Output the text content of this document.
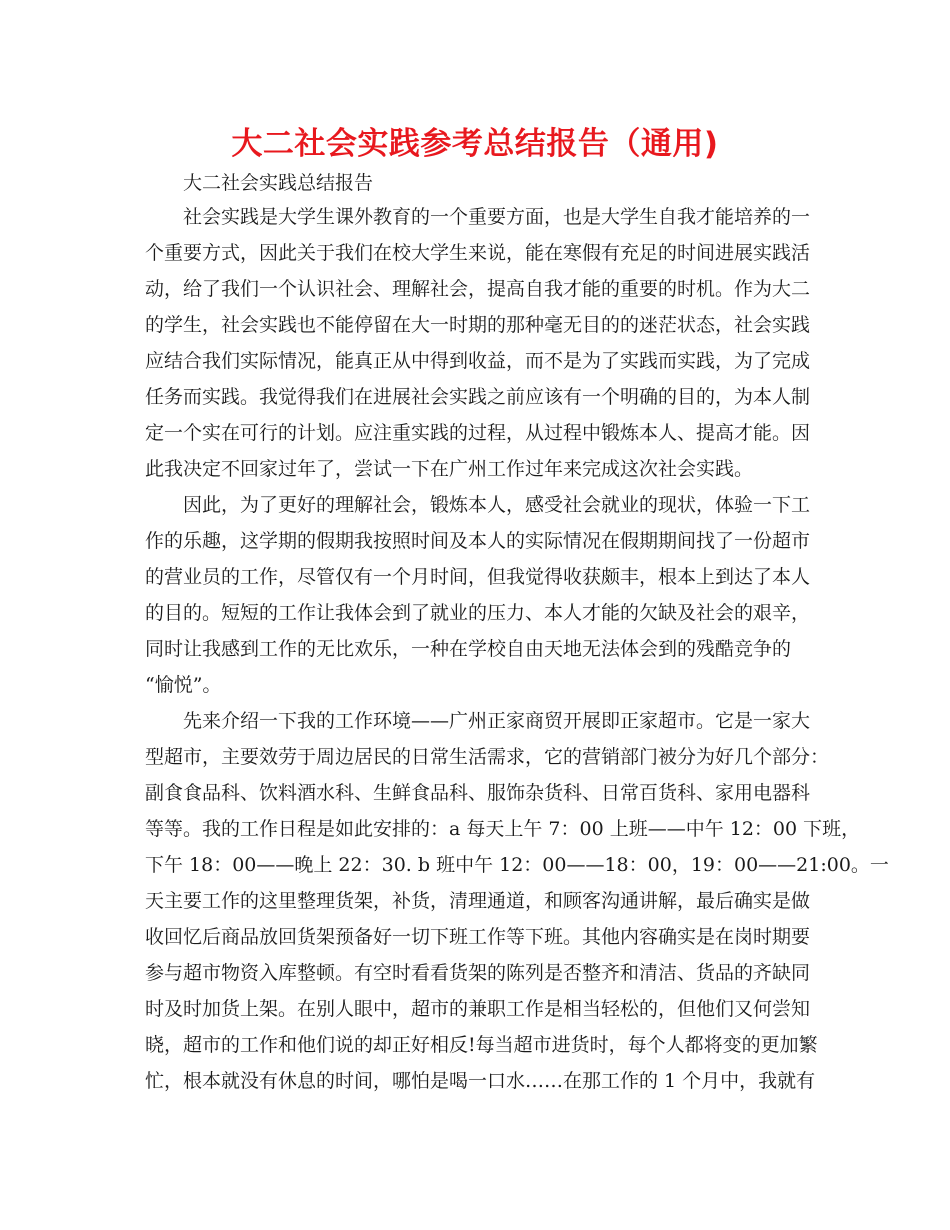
大二社会实践参考总结报告（通用)

大二社会实践总结报告

社会实践是大学生课外教育的一个重要方面，也是大学生自我才能培养的一

个重要方式，因此关于我们在校大学生来说，能在寒假有充足的时间进展实践活

动，给了我们一个认识社会、理解社会，提高自我才能的重要的时机。作为大二

的学生，社会实践也不能停留在大一时期的那种毫无目的的迷茫状态，社会实践

应结合我们实际情况，能真正从中得到收益，而不是为了实践而实践，为了完成

任务而实践。我觉得我们在进展社会实践之前应该有一个明确的目的，为本人制

定一个实在可行的计划。应注重实践的过程，从过程中锻炼本人、提高才能。因

此我决定不回家过年了，尝试一下在广州工作过年来完成这次社会实践。

因此，为了更好的理解社会，锻炼本人，感受社会就业的现状，体验一下工

作的乐趣，这学期的假期我按照时间及本人的实际情况在假期期间找了一份超市

的营业员的工作，尽管仅有一个月时间，但我觉得收获颇丰，根本上到达了本人

的目的。短短的工作让我体会到了就业的压力、本人才能的欠缺及社会的艰辛，

同时让我感到工作的无比欢乐，一种在学校自由天地无法体会到的残酷竞争的

“愉悦”。

先来介绍一下我的工作环境——广州正家商贸开展即正家超市。它是一家大

型超市，主要效劳于周边居民的日常生活需求，它的营销部门被分为好几个部分：

副食食品科、饮料酒水科、生鲜食品科、服饰杂货科、日常百货科、家用电器科

等等。我的工作日程是如此安排的：a 每天上午 7：00 上班——中午 12：00 下班，

下午 18：00——晚上 22：30. b 班中午 12：00——18：00，19：00——21:00。一

天主要工作的这里整理货架，补货，清理通道，和顾客沟通讲解，最后确实是做

收回忆后商品放回货架预备好一切下班工作等下班。其他内容确实是在岗时期要

参与超市物资入库整顿。有空时看看货架的陈列是否整齐和清洁、货品的齐缺同

时及时加货上架。在别人眼中，超市的兼职工作是相当轻松的，但他们又何尝知

晓，超市的工作和他们说的却正好相反!每当超市进货时，每个人都将变的更加繁

忙，根本就没有休息的时间，哪怕是喝一口水……在那工作的 1 个月中，我就有
